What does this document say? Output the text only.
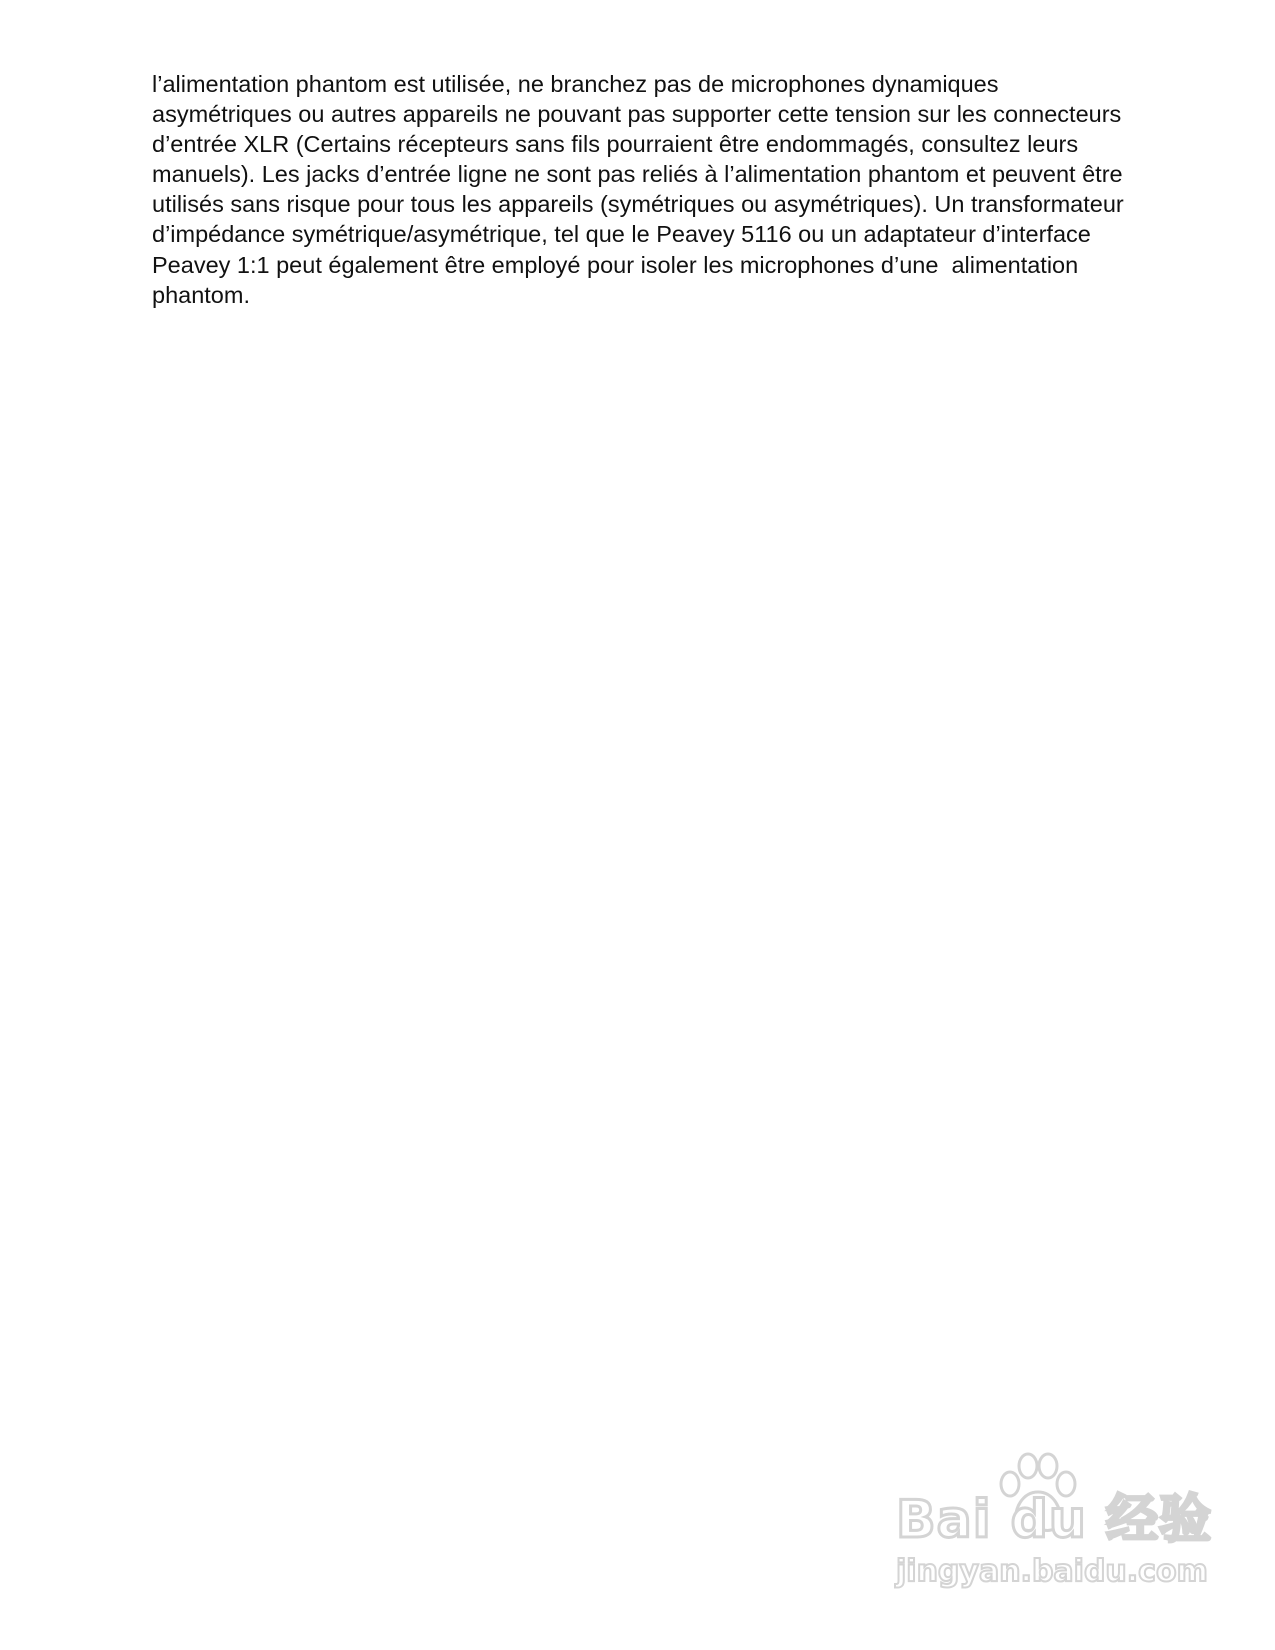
l’alimentation phantom est utilisée, ne branchez pas de microphones dynamiques
asymétriques ou autres appareils ne pouvant pas supporter cette tension sur les connecteurs
d’entrée XLR (Certains récepteurs sans fils pourraient être endommagés, consultez leurs
manuels). Les jacks d’entrée ligne ne sont pas reliés à l’alimentation phantom et peuvent être
utilisés sans risque pour tous les appareils (symétriques ou asymétriques). Un transformateur
d’impédance symétrique/asymétrique, tel que le Peavey 5116 ou un adaptateur d’interface
Peavey 1:1 peut également être employé pour isoler les microphones d’une  alimentation
phantom.

Bai du 经验
jingyan.baidu.com
